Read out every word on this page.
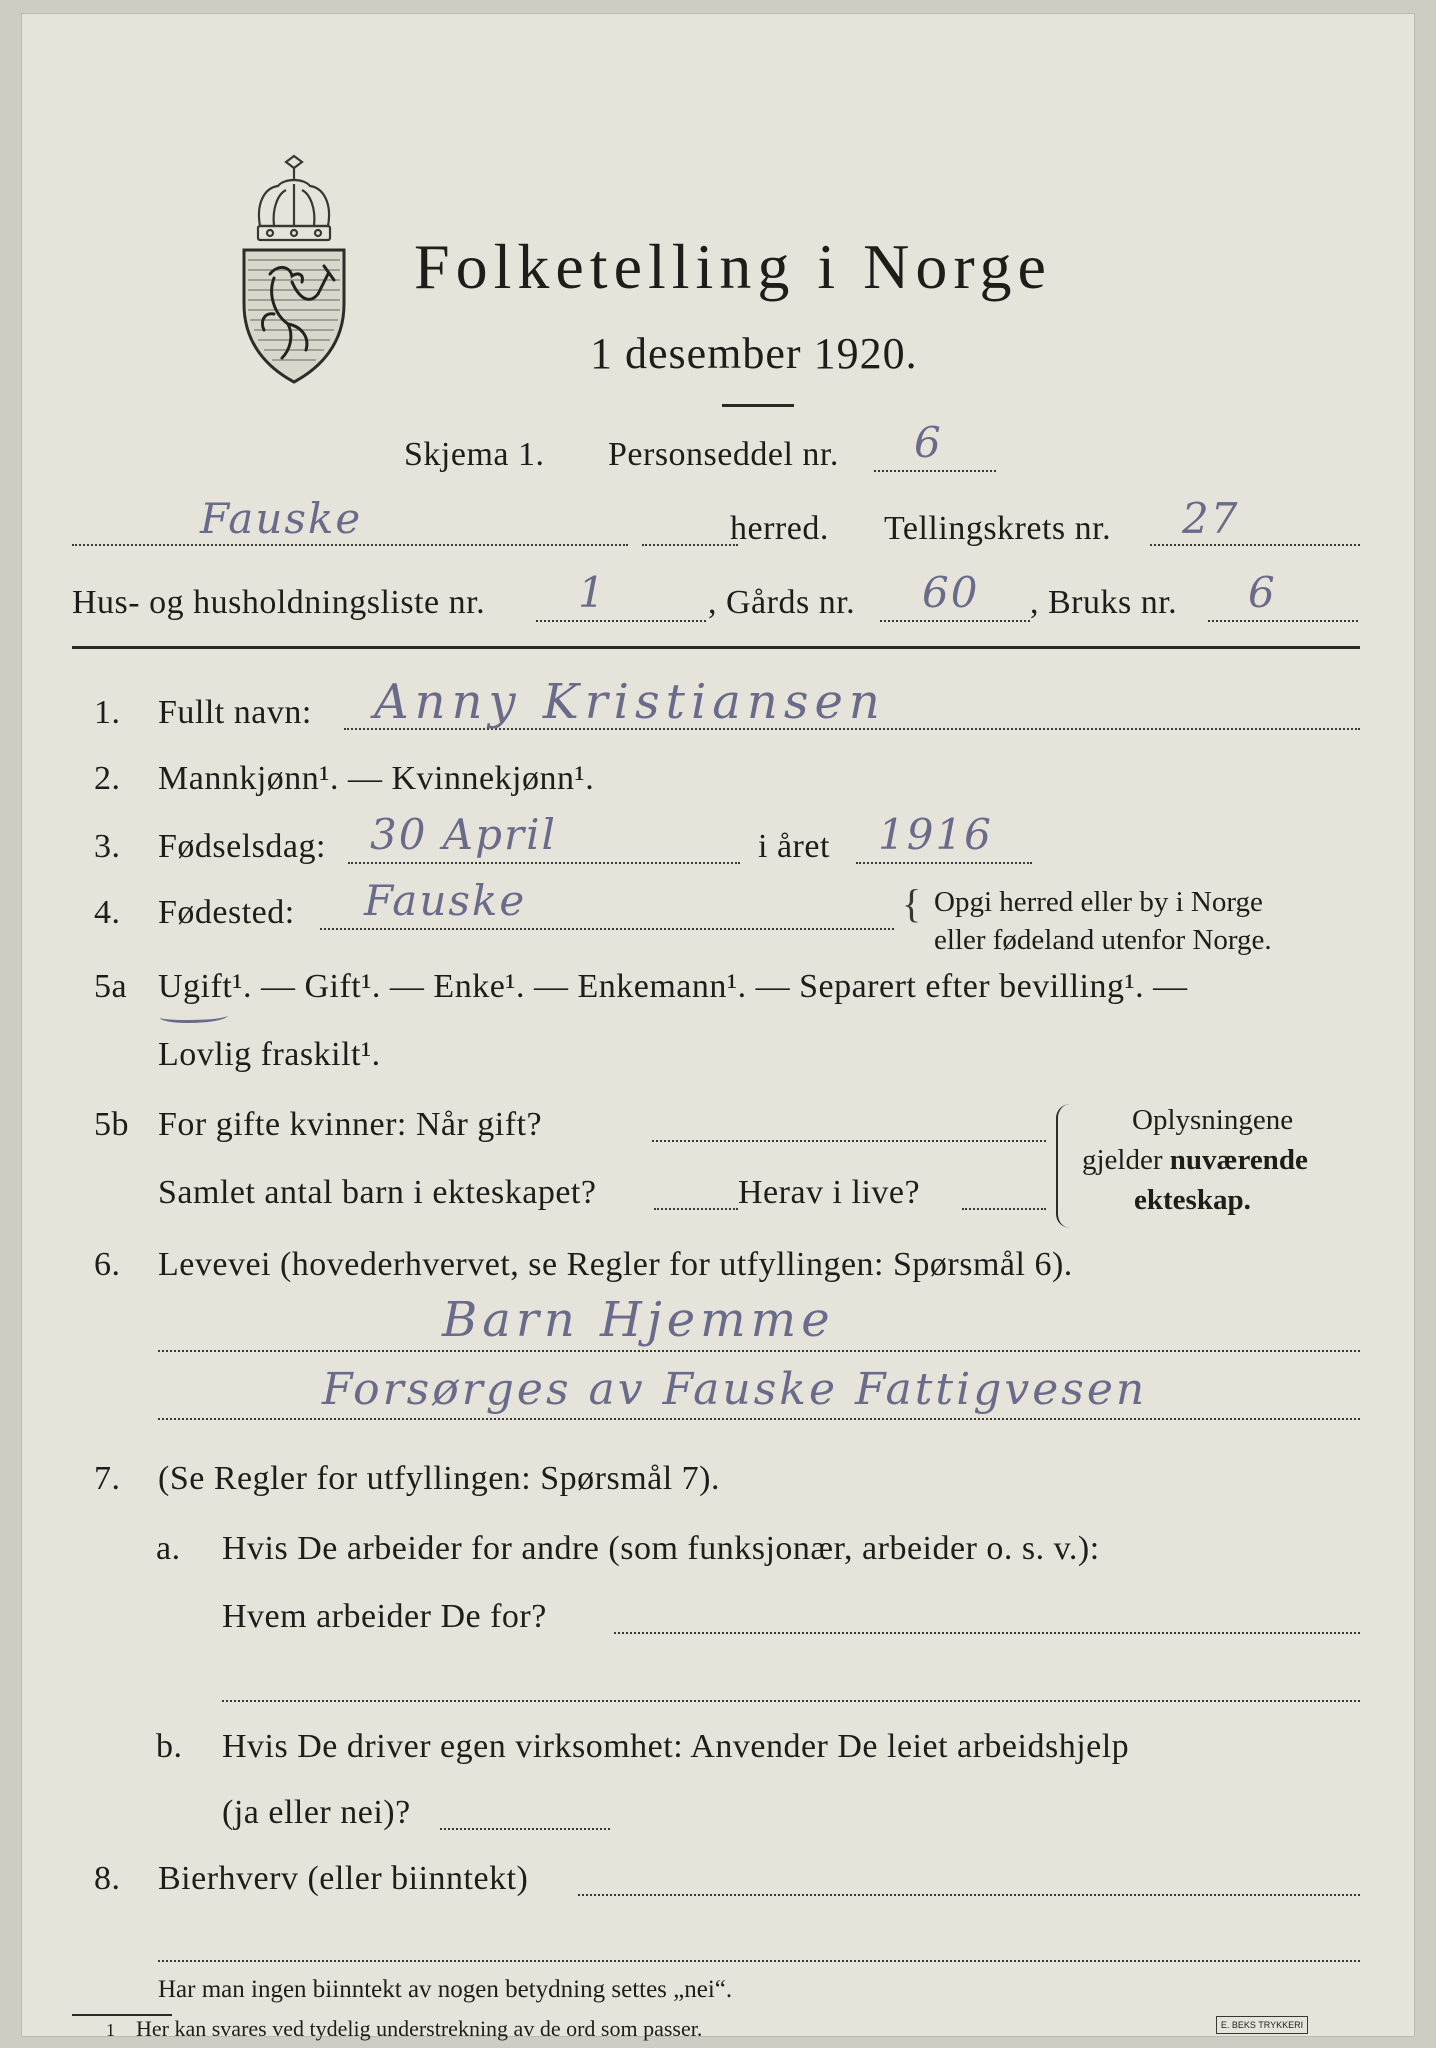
Folketelling i Norge
1 desember 1920.
Skjema 1. Personseddel nr. 6
Fauske	herred. Tellingskrets nr. 27
Hus- og husholdningsliste nr. 1	, Gårds nr. 60 , Bruks nr. 6
1. Fullt navn: Anny Kristiansen
2. Mannkjønn¹. — Kvinnekjønn¹.
3. Fødselsdag: 30 April	i året 1916
4. Fødested: Fauske	{ Opgi herred eller by i Norge
eller fødeland utenfor Norge.
5a Ugift¹. — Gift¹. — Enke¹. — Enkemann¹. — Separert efter bevilling¹. —
Lovlig fraskilt¹.
5b For gifte kvinner: Når gift?
Samlet antal barn i ekteskapet?	Herav i live?
Oplysningene
gjelder nuværende
ekteskap.
6. Levevei (hovederhvervet, se Regler for utfyllingen: Spørsmål 6).
Barn Hjemme
Forsørges av Fauske Fattigvesen
7. (Se Regler for utfyllingen: Spørsmål 7).
a. Hvis De arbeider for andre (som funksjonær, arbeider o. s. v.):
Hvem arbeider De for?
b. Hvis De driver egen virksomhet: Anvender De leiet arbeidshjelp
(ja eller nei)?
8. Bierhverv (eller biinntekt)
Har man ingen biinntekt av nogen betydning settes „nei“.
1 Her kan svares ved tydelig understrekning av de ord som passer.	E. BEKS TRYKKERI
